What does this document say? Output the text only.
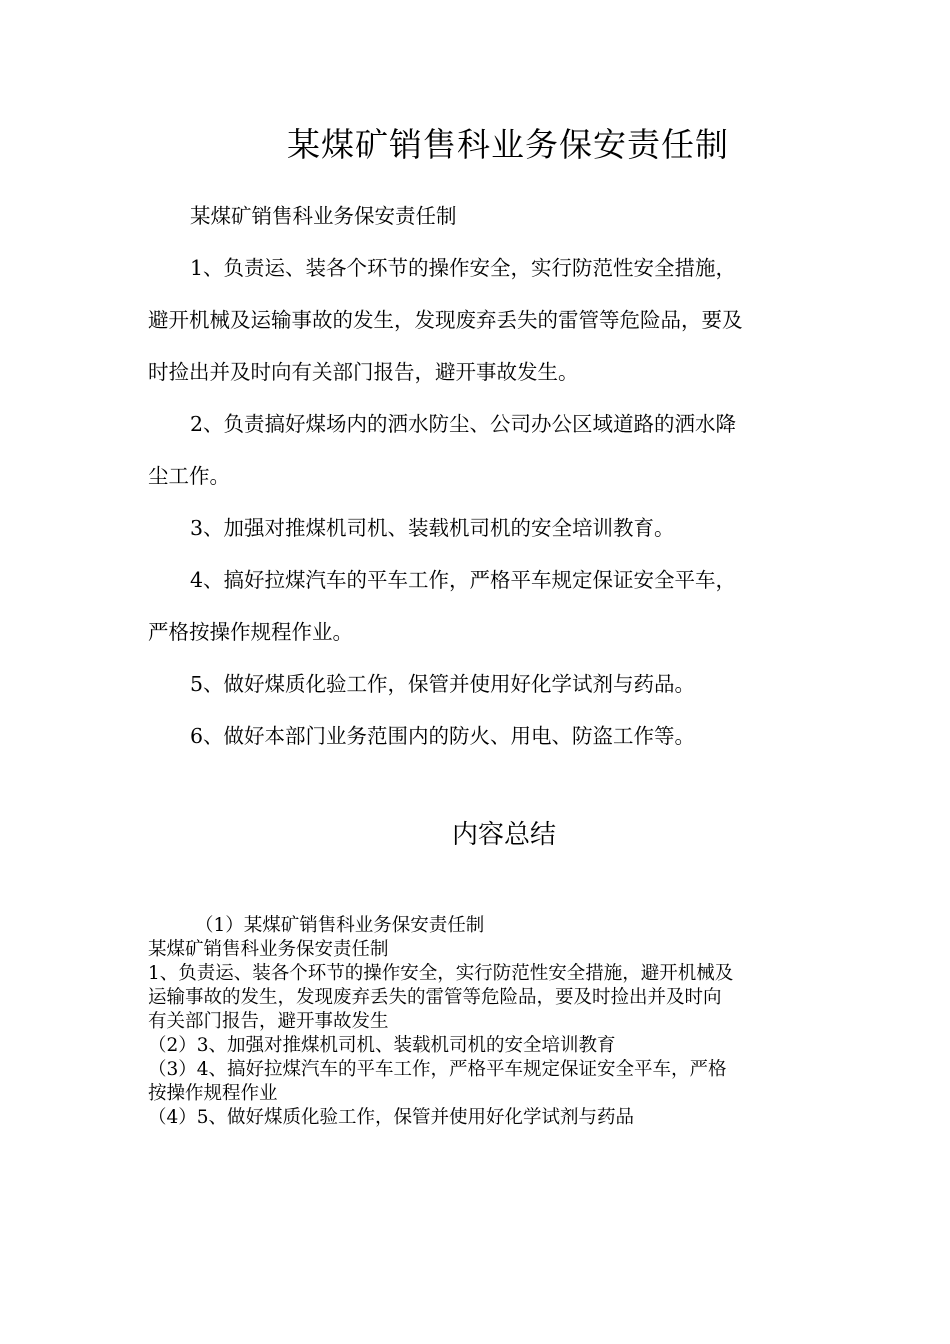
某煤矿销售科业务保安责任制

某煤矿销售科业务保安责任制

1、负责运、装各个环节的操作安全，实行防范性安全措施，
避开机械及运输事故的发生，发现废弃丢失的雷管等危险品，要及
时捡出并及时向有关部门报告，避开事故发生。

2、负责搞好煤场内的洒水防尘、公司办公区域道路的洒水降
尘工作。

3、加强对推煤机司机、装载机司机的安全培训教育。

4、搞好拉煤汽车的平车工作，严格平车规定保证安全平车，
严格按操作规程作业。

5、做好煤质化验工作，保管并使用好化学试剂与药品。

6、做好本部门业务范围内的防火、用电、防盗工作等。

内容总结
（1）某煤矿销售科业务保安责任制
某煤矿销售科业务保安责任制
1、负责运、装各个环节的操作安全，实行防范性安全措施，避开机械及
运输事故的发生，发现废弃丢失的雷管等危险品，要及时捡出并及时向
有关部门报告，避开事故发生
（2）3、加强对推煤机司机、装载机司机的安全培训教育
（3）4、搞好拉煤汽车的平车工作，严格平车规定保证安全平车，严格
按操作规程作业
（4）5、做好煤质化验工作，保管并使用好化学试剂与药品
